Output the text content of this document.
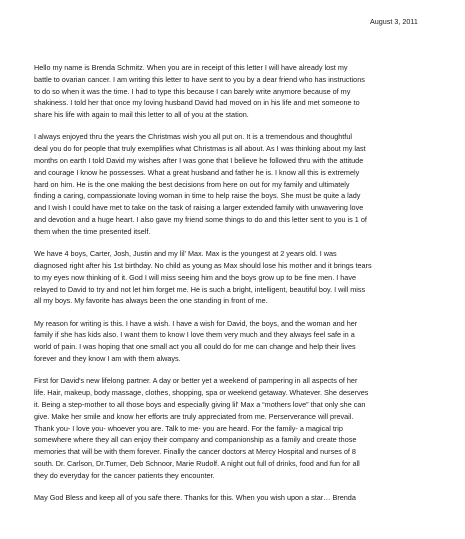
August 3, 2011

Hello my name is Brenda Schmitz. When you are in receipt of this letter I will have already lost my
battle to ovarian cancer. I am writing this letter to have sent to you by a dear friend who has instructions
to do so when it was the time. I had to type this because I can barely write anymore because of my
shakiness. I told her that once my loving husband David had moved on in his life and met someone to
share his life with again to mail this letter to all of you at the station.

I always enjoyed thru the years the Christmas wish you all put on. It is a tremendous and thoughtful
deal you do for people that truly exemplifies what Christmas is all about. As I was thinking about my last
months on earth I told David my wishes after I was gone that I believe he followed thru with the attitude
and courage I know he possesses. What a great husband and father he is. I know all this is extremely
hard on him. He is the one making the best decisions from here on out for my family and ultimately
finding a caring, compassionate loving woman in time to help raise the boys. She must be quite a lady
and I wish I could have met to take on the task of raising a larger extended family with unwavering love
and devotion and a huge heart. I also gave my friend some things to do and this letter sent to you is 1 of
them when the time presented itself.

We have 4 boys, Carter, Josh, Justin and my lil' Max. Max is the youngest at 2 years old. I was
diagnosed right after his 1st birthday. No child as young as Max should lose his mother and it brings tears
to my eyes now thinking of it. God I will miss seeing him and the boys grow up to be fine men. I have
relayed to David to try and not let him forget me. He is such a bright, intelligent, beautiful boy. I will miss
all my boys. My favorite has always been the one standing in front of me.

My reason for writing is this. I have a wish. I have a wish for David, the boys, and the woman and her
family if she has kids also. I want them to know I love them very much and they always feel safe in a
world of pain. I was hoping that one small act you all could do for me can change and help their lives
forever and they know I am with them always.

First for David's new lifelong partner. A day or better yet a weekend of pampering in all aspects of her
life. Hair, makeup, body massage, clothes, shopping, spa or weekend getaway. Whatever. She deserves
it. Being a step-mother to all those boys and especially giving lil' Max a “mothers love” that only she can
give. Make her smile and know her efforts are truly appreciated from me. Perserverance will prevail.
Thank you- I love you- whoever you are. Talk to me- you are heard. For the family- a magical trip
somewhere where they all can enjoy their company and companionship as a family and create those
memories that will be with them forever. Finally the cancer doctors at Mercy Hospital and nurses of 8
south. Dr. Carlson, Dr.Turner, Deb Schnoor, Marie Rudolf. A night out full of drinks, food and fun for all
they do everyday for the cancer patients they encounter.

May God Bless and keep all of you safe there. Thanks for this. When you wish upon a star… Brenda
